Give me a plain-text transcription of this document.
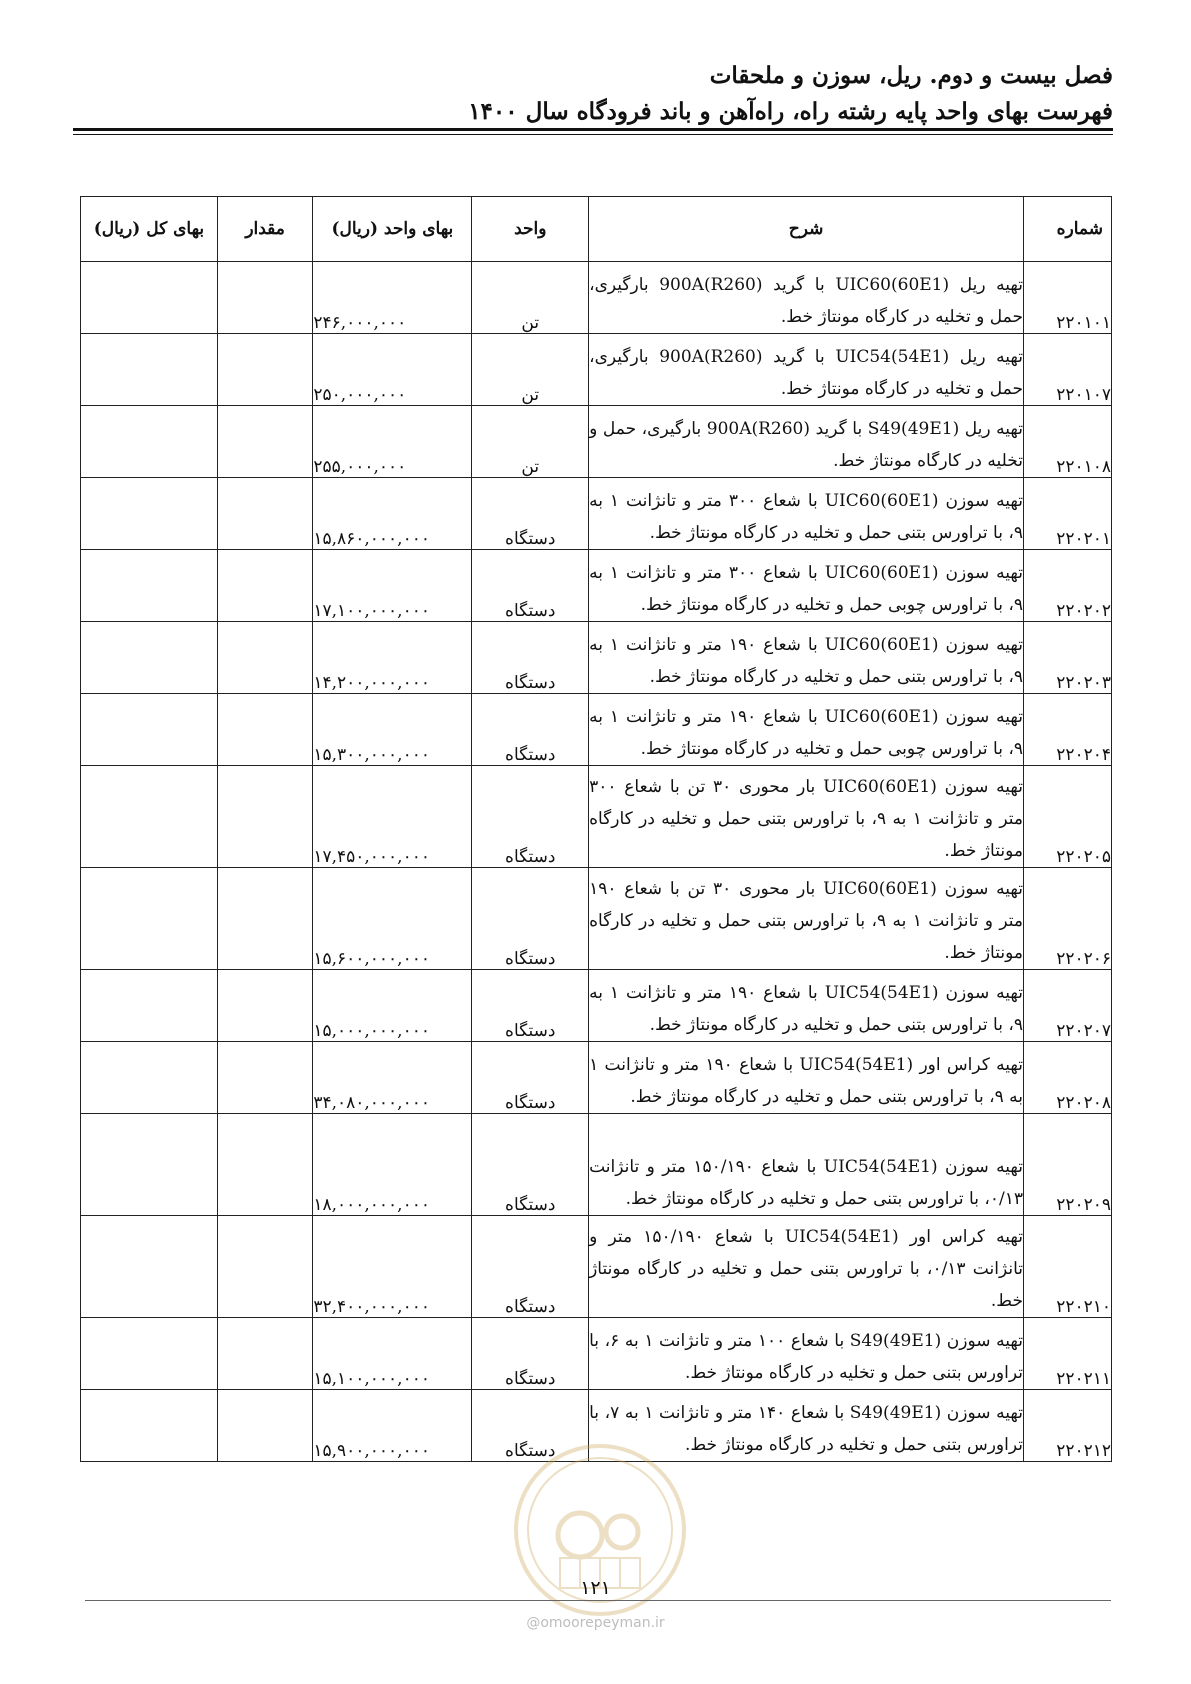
فصل بیست و دوم. ریل، سوزن و ملحقات
فهرست بهای واحد پایه رشته راه، راه‌آهن و باند فرودگاه سال ۱۴۰۰
شماره	شرح	واحد	بهای واحد (ریال)	مقدار	بهای کل (ریال)
۲۲۰۱۰۱	تهیه ریل (UIC60(60E1 با گرید (900A(R260 بارگیری، حمل و تخلیه در کارگاه مونتاژ خط.	تن	۲۴۶,۰۰۰,۰۰۰		
۲۲۰۱۰۷	تهیه ریل (UIC54(54E1 با گرید (900A(R260 بارگیری، حمل و تخلیه در کارگاه مونتاژ خط.	تن	۲۵۰,۰۰۰,۰۰۰		
۲۲۰۱۰۸	تهیه ریل (S49(49E1 با گرید (900A(R260 بارگیری، حمل و تخلیه در کارگاه مونتاژ خط.	تن	۲۵۵,۰۰۰,۰۰۰		
۲۲۰۲۰۱	تهیه سوزن (UIC60(60E1 با شعاع ۳۰۰ متر و تانژانت ۱ به ۹، با تراورس بتنی حمل و تخلیه در کارگاه مونتاژ خط.	دستگاه	۱۵,۸۶۰,۰۰۰,۰۰۰		
۲۲۰۲۰۲	تهیه سوزن (UIC60(60E1 با شعاع ۳۰۰ متر و تانژانت ۱ به ۹، با تراورس چوبی حمل و تخلیه در کارگاه مونتاژ خط.	دستگاه	۱۷,۱۰۰,۰۰۰,۰۰۰		
۲۲۰۲۰۳	تهیه سوزن (UIC60(60E1 با شعاع ۱۹۰ متر و تانژانت ۱ به ۹، با تراورس بتنی حمل و تخلیه در کارگاه مونتاژ خط.	دستگاه	۱۴,۲۰۰,۰۰۰,۰۰۰		
۲۲۰۲۰۴	تهیه سوزن (UIC60(60E1 با شعاع ۱۹۰ متر و تانژانت ۱ به ۹، با تراورس چوبی حمل و تخلیه در کارگاه مونتاژ خط.	دستگاه	۱۵,۳۰۰,۰۰۰,۰۰۰		
۲۲۰۲۰۵	تهیه سوزن (UIC60(60E1 بار محوری ۳۰ تن با شعاع ۳۰۰ متر و تانژانت ۱ به ۹، با تراورس بتنی حمل و تخلیه در کارگاه مونتاژ خط.	دستگاه	۱۷,۴۵۰,۰۰۰,۰۰۰		
۲۲۰۲۰۶	تهیه سوزن (UIC60(60E1 بار محوری ۳۰ تن با شعاع ۱۹۰ متر و تانژانت ۱ به ۹، با تراورس بتنی حمل و تخلیه در کارگاه مونتاژ خط.	دستگاه	۱۵,۶۰۰,۰۰۰,۰۰۰		
۲۲۰۲۰۷	تهیه سوزن (UIC54(54E1 با شعاع ۱۹۰ متر و تانژانت ۱ به ۹، با تراورس بتنی حمل و تخلیه در کارگاه مونتاژ خط.	دستگاه	۱۵,۰۰۰,۰۰۰,۰۰۰		
۲۲۰۲۰۸	تهیه کراس اور (UIC54(54E1 با شعاع ۱۹۰ متر و تانژانت ۱ به ۹، با تراورس بتنی حمل و تخلیه در کارگاه مونتاژ خط.	دستگاه	۳۴,۰۸۰,۰۰۰,۰۰۰		
۲۲۰۲۰۹	تهیه سوزن (UIC54(54E1 با شعاع ۱۵۰/۱۹۰ متر و تانژانت ۰/۱۳، با تراورس بتنی حمل و تخلیه در کارگاه مونتاژ خط.	دستگاه	۱۸,۰۰۰,۰۰۰,۰۰۰		
۲۲۰۲۱۰	تهیه کراس اور (UIC54(54E1 با شعاع ۱۵۰/۱۹۰ متر و تانژانت ۰/۱۳، با تراورس بتنی حمل و تخلیه در کارگاه مونتاژ خط.	دستگاه	۳۲,۴۰۰,۰۰۰,۰۰۰		
۲۲۰۲۱۱	تهیه سوزن (S49(49E1 با شعاع ۱۰۰ متر و تانژانت ۱ به ۶، با تراورس بتنی حمل و تخلیه در کارگاه مونتاژ خط.	دستگاه	۱۵,۱۰۰,۰۰۰,۰۰۰		
۲۲۰۲۱۲	تهیه سوزن (S49(49E1 با شعاع ۱۴۰ متر و تانژانت ۱ به ۷، با تراورس بتنی حمل و تخلیه در کارگاه مونتاژ خط.	دستگاه	۱۵,۹۰۰,۰۰۰,۰۰۰		
۱۲۱
@omoorepeyman.ir
